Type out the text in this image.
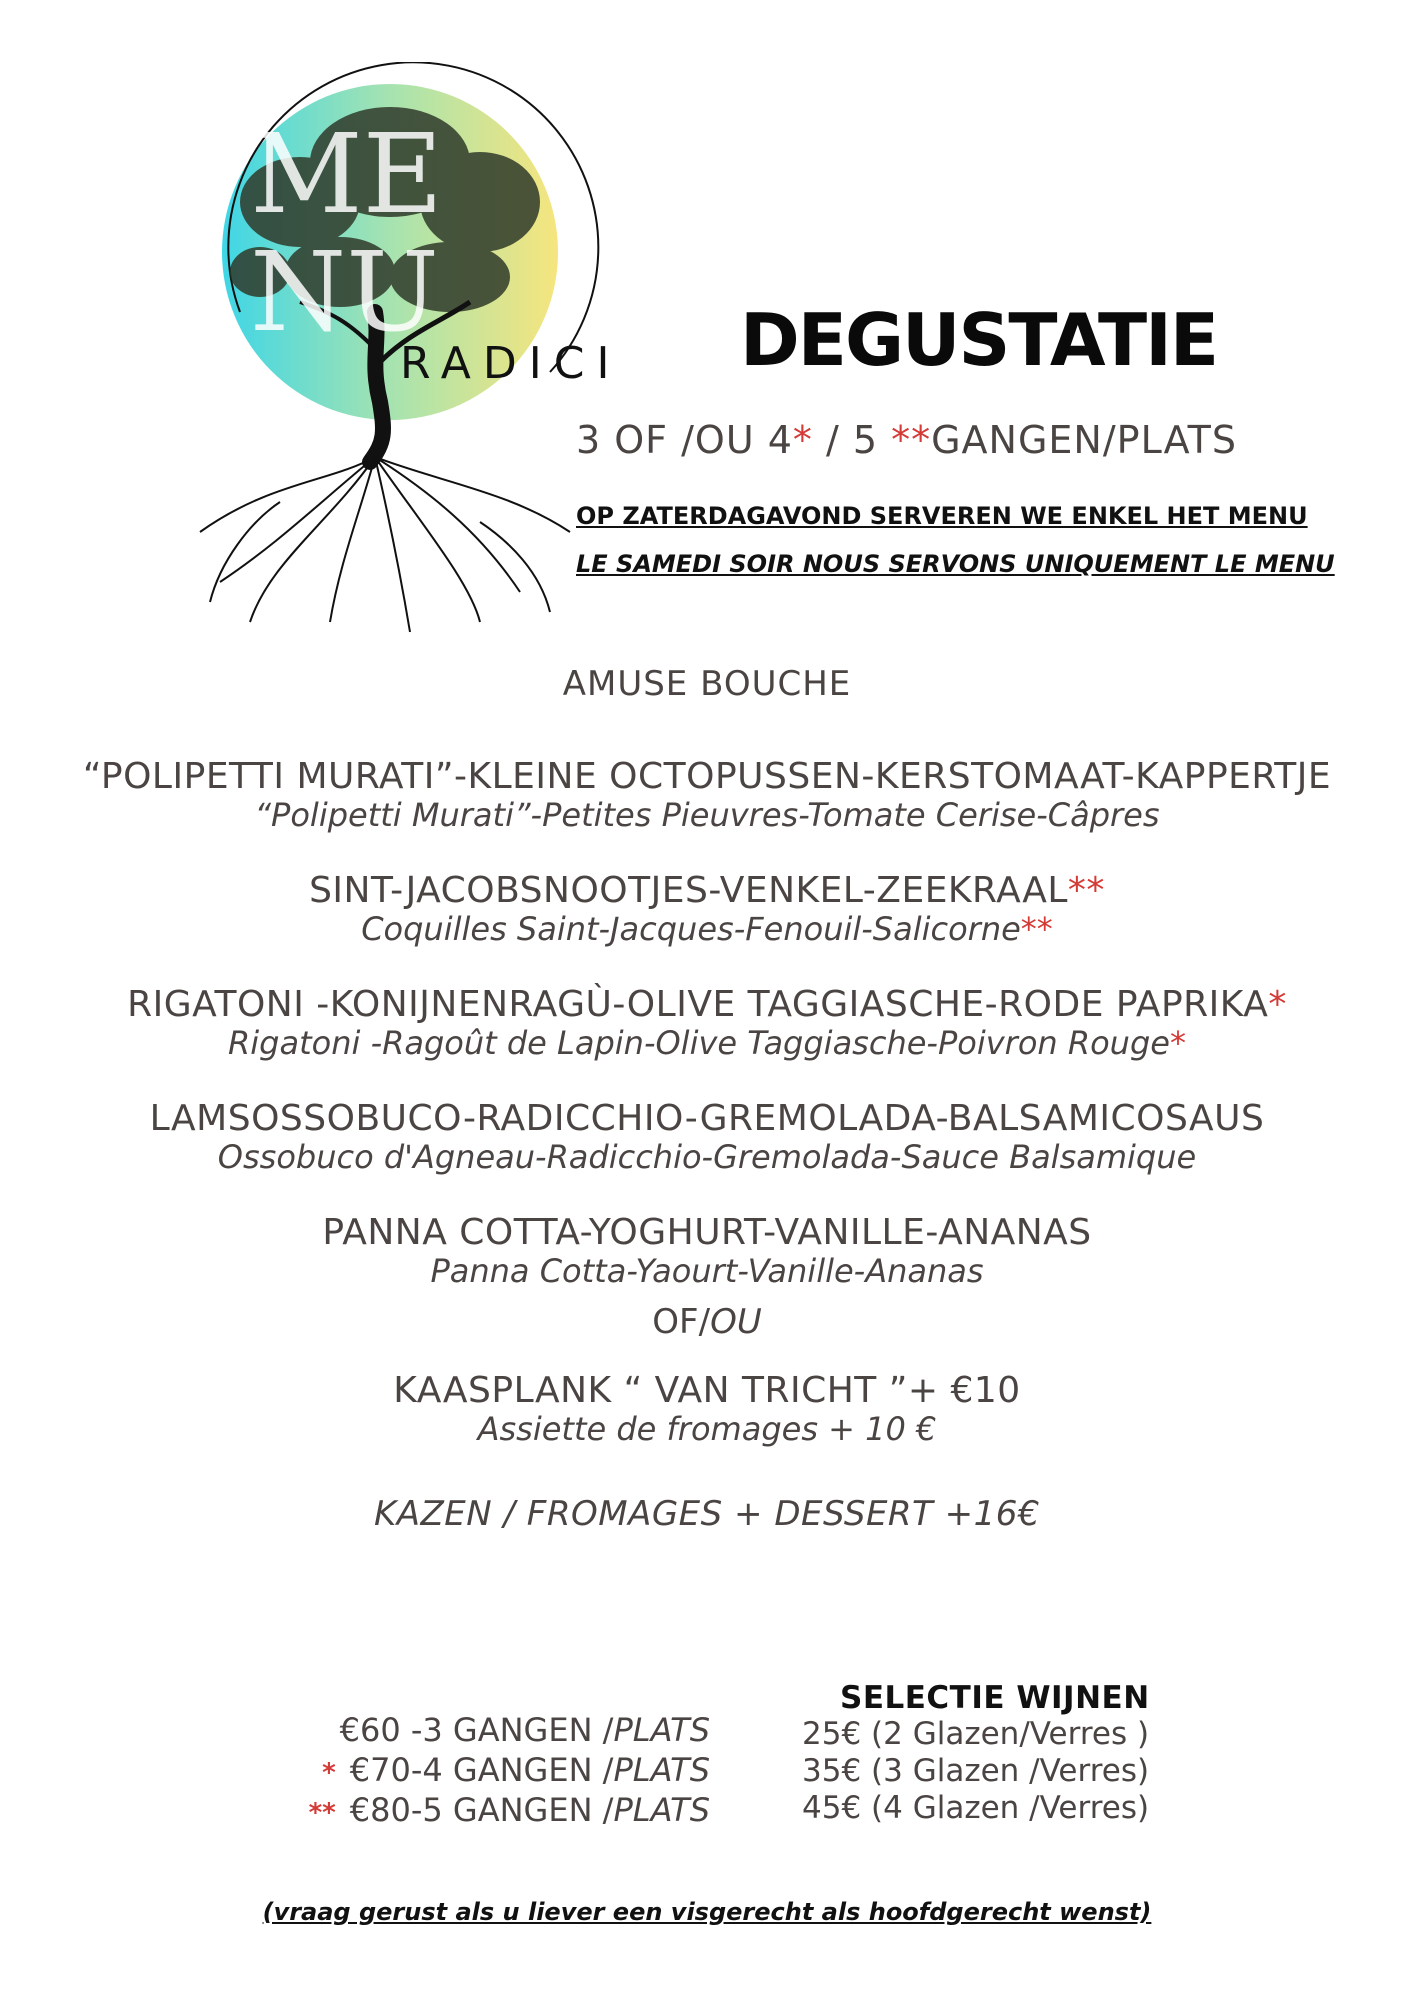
ME
NU
RADICI DEGUSTATIE
3 OF /OU 4* / 5 **GANGEN/PLATS
OP ZATERDAGAVOND SERVEREN WE ENKEL HET MENU
LE SAMEDI SOIR NOUS SERVONS UNIQUEMENT LE MENU
AMUSE BOUCHE
“POLIPETTI MURATI”-KLEINE OCTOPUSSEN-KERSTOMAAT-KAPPERTJE
“Polipetti Murati”-Petites Pieuvres-Tomate Cerise-Câpres
SINT-JACOBSNOOTJES-VENKEL-ZEEKRAAL**
Coquilles Saint-Jacques-Fenouil-Salicorne**
RIGATONI -KONIJNENRAGÙ-OLIVE TAGGIASCHE-RODE PAPRIKA*
Rigatoni -Ragoût de Lapin-Olive Taggiasche-Poivron Rouge*
LAMSOSSOBUCO-RADICCHIO-GREMOLADA-BALSAMICOSAUS
Ossobuco d'Agneau-Radicchio-Gremolada-Sauce Balsamique
PANNA COTTA-YOGHURT-VANILLE-ANANAS
Panna Cotta-Yaourt-Vanille-Ananas
OF/OU
KAASPLANK “ VAN TRICHT ”+ €10
Assiette de fromages + 10 €
KAZEN / FROMAGES + DESSERT +16€
€60 -3 GANGEN /PLATS
* €70-4 GANGEN /PLATS
** €80-5 GANGEN /PLATS
SELECTIE WIJNEN
25€ (2 Glazen/Verres )
35€ (3 Glazen /Verres)
45€ (4 Glazen /Verres)
(vraag gerust als u liever een visgerecht als hoofdgerecht wenst)
